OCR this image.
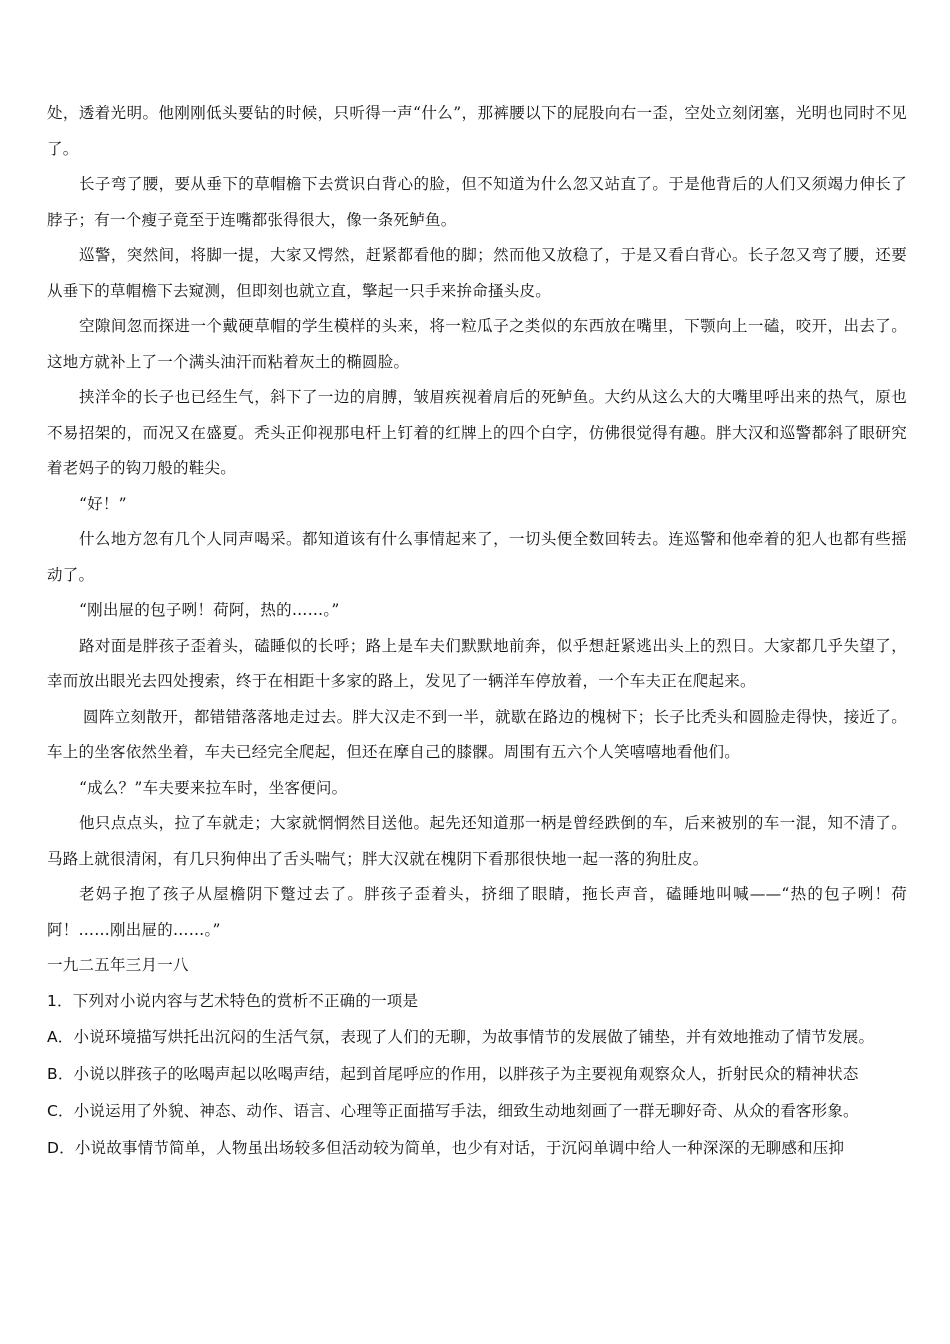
处，透着光明。他刚刚低头要钻的时候，只听得一声“什么”，那裤腰以下的屁股向右一歪，空处立刻闭塞，光明也同时不见了。

长子弯了腰，要从垂下的草帽檐下去赏识白背心的脸，但不知道为什么忽又站直了。于是他背后的人们又须竭力伸长了脖子；有一个瘦子竟至于连嘴都张得很大，像一条死鲈鱼。

巡警，突然间，将脚一提，大家又愕然，赶紧都看他的脚；然而他又放稳了，于是又看白背心。长子忽又弯了腰，还要从垂下的草帽檐下去窥测，但即刻也就立直，擎起一只手来拚命搔头皮。

空隙间忽而探进一个戴硬草帽的学生模样的头来，将一粒瓜子之类似的东西放在嘴里，下颚向上一磕，咬开，出去了。这地方就补上了一个满头油汗而粘着灰土的椭圆脸。

挟洋伞的长子也已经生气，斜下了一边的肩膊，皱眉疾视着肩后的死鲈鱼。大约从这么大的大嘴里呼出来的热气，原也不易招架的，而况又在盛夏。秃头正仰视那电杆上钉着的红牌上的四个白字，仿佛很觉得有趣。胖大汉和巡警都斜了眼研究着老妈子的钩刀般的鞋尖。

“好！”

什么地方忽有几个人同声喝采。都知道该有什么事情起来了，一切头便全数回转去。连巡警和他牵着的犯人也都有些摇动了。

“刚出屉的包子咧！荷阿，热的……。”

路对面是胖孩子歪着头，磕睡似的长呼；路上是车夫们默默地前奔，似乎想赶紧逃出头上的烈日。大家都几乎失望了，幸而放出眼光去四处搜索，终于在相距十多家的路上，发见了一辆洋车停放着，一个车夫正在爬起来。

圆阵立刻散开，都错错落落地走过去。胖大汉走不到一半，就歇在路边的槐树下；长子比秃头和圆脸走得快，接近了。车上的坐客依然坐着，车夫已经完全爬起，但还在摩自己的膝髁。周围有五六个人笑嘻嘻地看他们。

“成么？”车夫要来拉车时，坐客便问。

他只点点头，拉了车就走；大家就惘惘然目送他。起先还知道那一柄是曾经跌倒的车，后来被别的车一混，知不清了。马路上就很清闲，有几只狗伸出了舌头喘气；胖大汉就在槐阴下看那很快地一起一落的狗肚皮。

老妈子抱了孩子从屋檐阴下蹩过去了。胖孩子歪着头，挤细了眼睛，拖长声音，磕睡地叫喊——“热的包子咧！荷阿！……刚出屉的……。”

一九二五年三月一八

1．下列对小说内容与艺术特色的赏析不正确的一项是

A．小说环境描写烘托出沉闷的生活气氛，表现了人们的无聊，为故事情节的发展做了铺垫，并有效地推动了情节发展。

B．小说以胖孩子的吆喝声起以吆喝声结，起到首尾呼应的作用，以胖孩子为主要视角观察众人，折射民众的精神状态

C．小说运用了外貌、神态、动作、语言、心理等正面描写手法，细致生动地刻画了一群无聊好奇、从众的看客形象。

D．小说故事情节简单，人物虽出场较多但活动较为简单，也少有对话，于沉闷单调中给人一种深深的无聊感和压抑
